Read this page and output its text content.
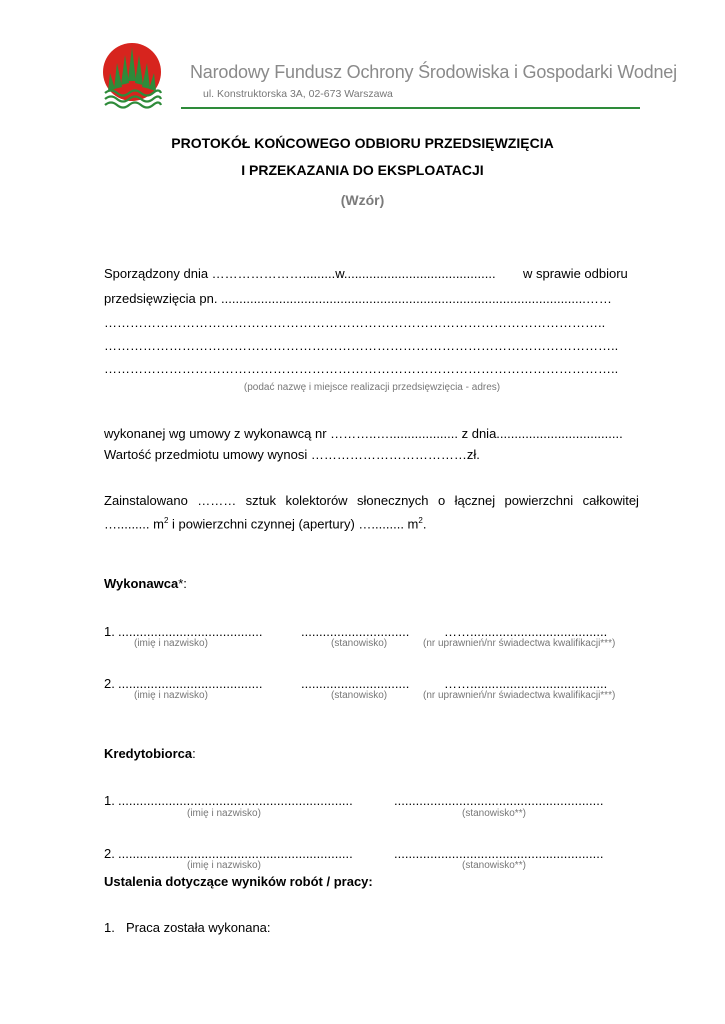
Narodowy Fundusz Ochrony Środowiska i Gospodarki Wodnej
ul. Konstruktorska 3A, 02-673 Warszawa
PROTOKÓŁ KOŃCOWEGO ODBIORU PRZEDSIĘWZIĘCIA
I PRZEKAZANIA DO EKSPLOATACJI
(Wzór)
Sporządzony dnia ………………….........w.......................................... w sprawie odbioru
przedsięwzięcia pn. .....................................................................................................……
……………………………………………………………………………………………………..
………………………………………………………………………………………………………..
………………………………………………………………………………………………………..
(podać nazwę i miejsce realizacji przedsięwzięcia - adres)
wykonanej wg umowy z wykonawcą nr ………..…................... z dnia...................................
Wartość przedmiotu umowy wynosi ………………………………zł.
Zainstalowano ……… sztuk kolektorów słonecznych o łącznej powierzchni całkowitej
…......... $m^2$ i powierzchni czynnej (apertury) …......... $m^2$.
Wykonawca*:
1. ........................................	..............................	……......................................
(imię i nazwisko)	(stanowisko)	(nr uprawnień/nr świadectwa kwalifikacji***)
2. ........................................	..............................	……......................................
(imię i nazwisko)	(stanowisko)	(nr uprawnień/nr świadectwa kwalifikacji***)
Kredytobiorca:
1. .................................................................	..........................................................
(imię i nazwisko)	(stanowisko**)
2. .................................................................	..........................................................
(imię i nazwisko)	(stanowisko**)
Ustalenia dotyczące wyników robót / pracy:
1. Praca została wykonana:
